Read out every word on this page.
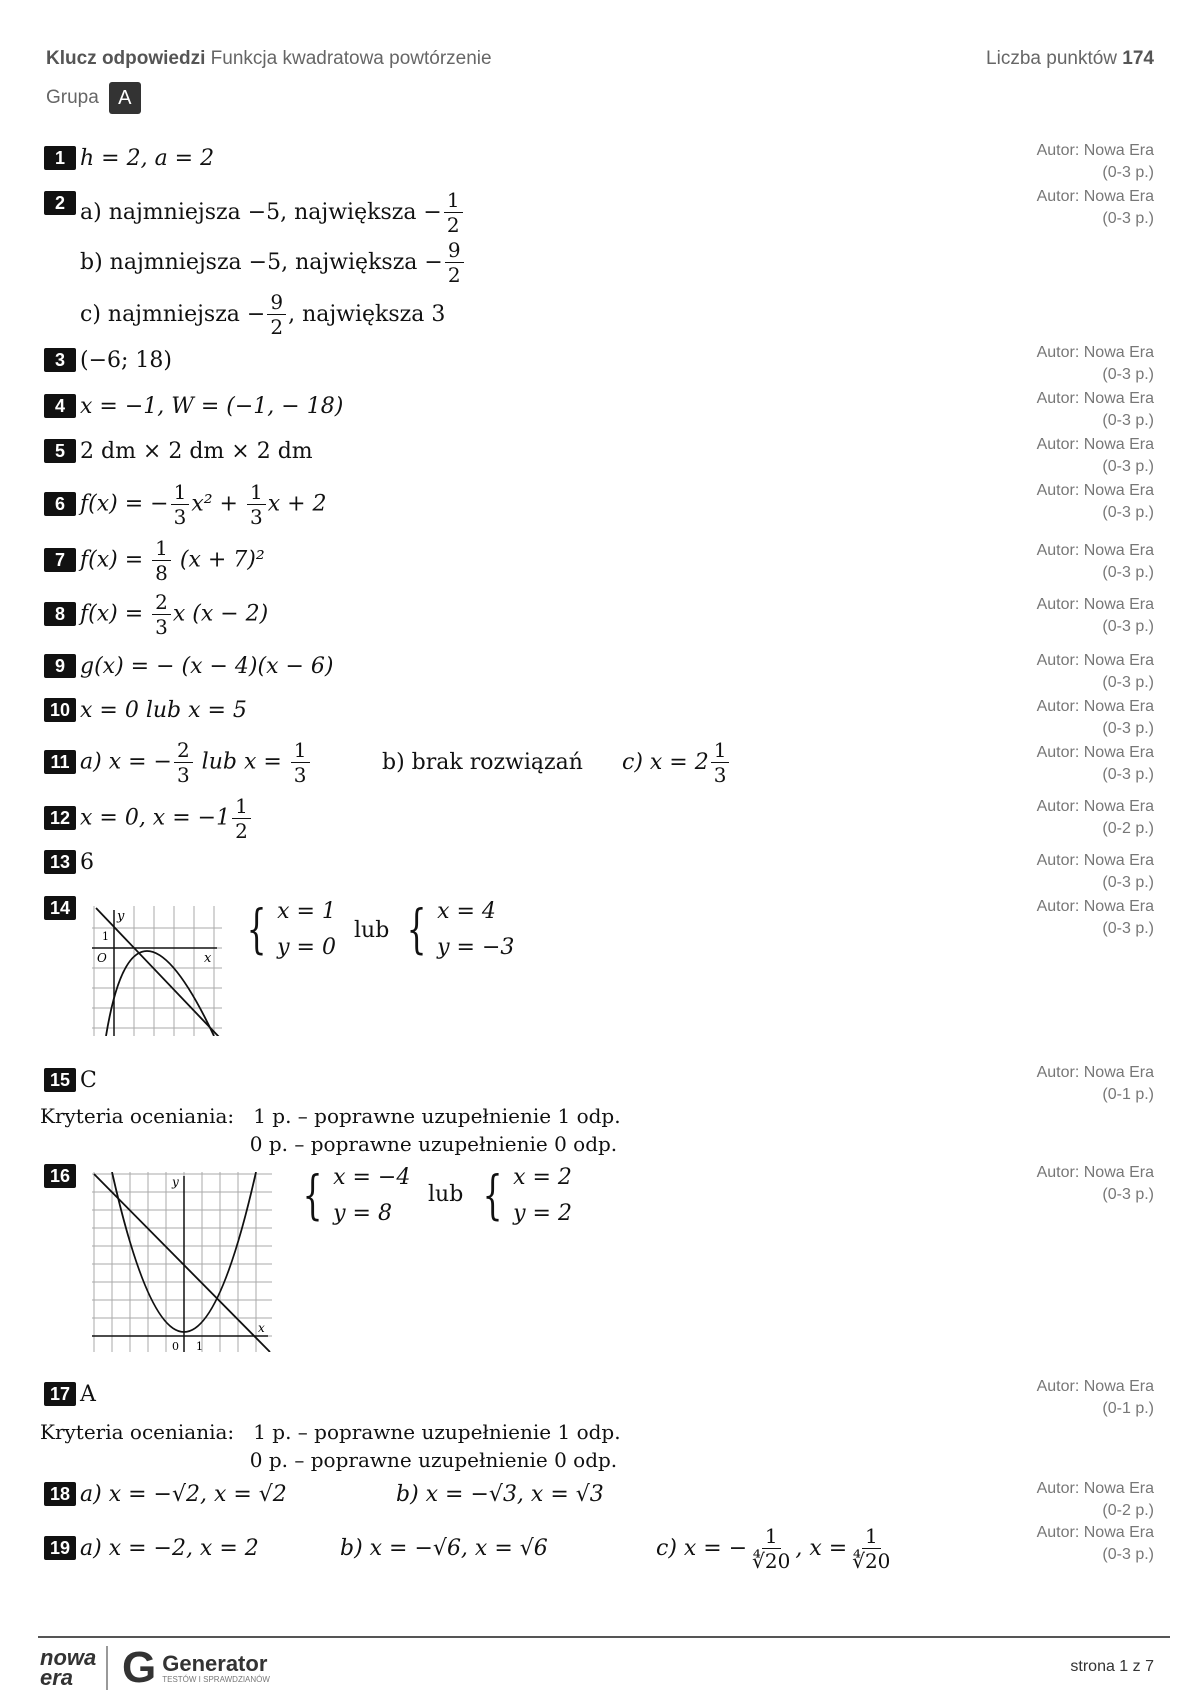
Klucz odpowiedzi Funkcja kwadratowa powtórzenie	Liczba punktów 174
Grupa A
1 h = 2, a = 2	Autor: Nowa Era
(0-3 p.)
2 a) najmniejsza −5, największa − $\frac{1}{2}$
b) najmniejsza −5, największa − $\frac{9}{2}$
c) najmniejsza − $\frac{9}{2}$ , największa 3
Autor: Nowa Era
(0-3 p.)
3 (−6; 18)	Autor: Nowa Era
(0-3 p.)
4 x = −1, W = (−1, − 18)	Autor: Nowa Era
(0-3 p.)
5 2 dm × 2 dm × 2 dm	Autor: Nowa Era
(0-3 p.)
6 f(x) = − $\frac{1}{3} x^2 + \frac{1}{3}$ x + 2
Autor: Nowa Era
(0-3 p.)
7 $f(x) = \frac{1}{8} (x + 7)^2$	Autor: Nowa Era
(0-3 p.)
8 $f(x) = \frac{2}{3}$ x (x − 2)	Autor: Nowa Era
(0-3 p.)
9 g(x) = − (x − 4)(x − 6)	Autor: Nowa Era
(0-3 p.)
10 x = 0 lub x = 5	Autor: Nowa Era
(0-3 p.)
11 a) x = − $\frac{2}{3}$ lub $x = \frac{1}{3}$	b) brak rozwiązań c) $x = 2 \frac{1}{3}$	Autor: Nowa Era
(0-3 p.)
12 x = 0, $x = -1 \frac{1}{2}$	Autor: Nowa Era
(0-2 p.)
13 6	Autor: Nowa Era
(0-3 p.)
14	y
x
O
1	{ x = 1
y = 0
lub { x = 4
y = −3
Autor: Nowa Era
(0-3 p.)
15 C	Autor: Nowa Era
(0-1 p.)
Kryteria oceniania:   1 p. – poprawne uzupełnienie 1 odp.
0 p. – poprawne uzupełnienie 0 odp.
16	y
x
0 1
{ x = −4
y = 8
lub { x = 2
y = 2
Autor: Nowa Era
(0-3 p.)
17 A	Autor: Nowa Era
(0-1 p.)
Kryteria oceniania:   1 p. – poprawne uzupełnienie 1 odp.
0 p. – poprawne uzupełnienie 0 odp.
18 a) x = −√2, x = √2	b) x = −√3, x = √3	Autor: Nowa Era
(0-2 p.)
19 a) x = −2, x = 2	b) x = −√6, x = √6	c) x = − $\frac{1}{∜20}$ , $x = \frac{1}{∜20}$	Autor: Nowa Era
(0-3 p.)
nowa
era	G Generator
TESTÓW I SPRAWDZIANÓW
strona 1 z 7
